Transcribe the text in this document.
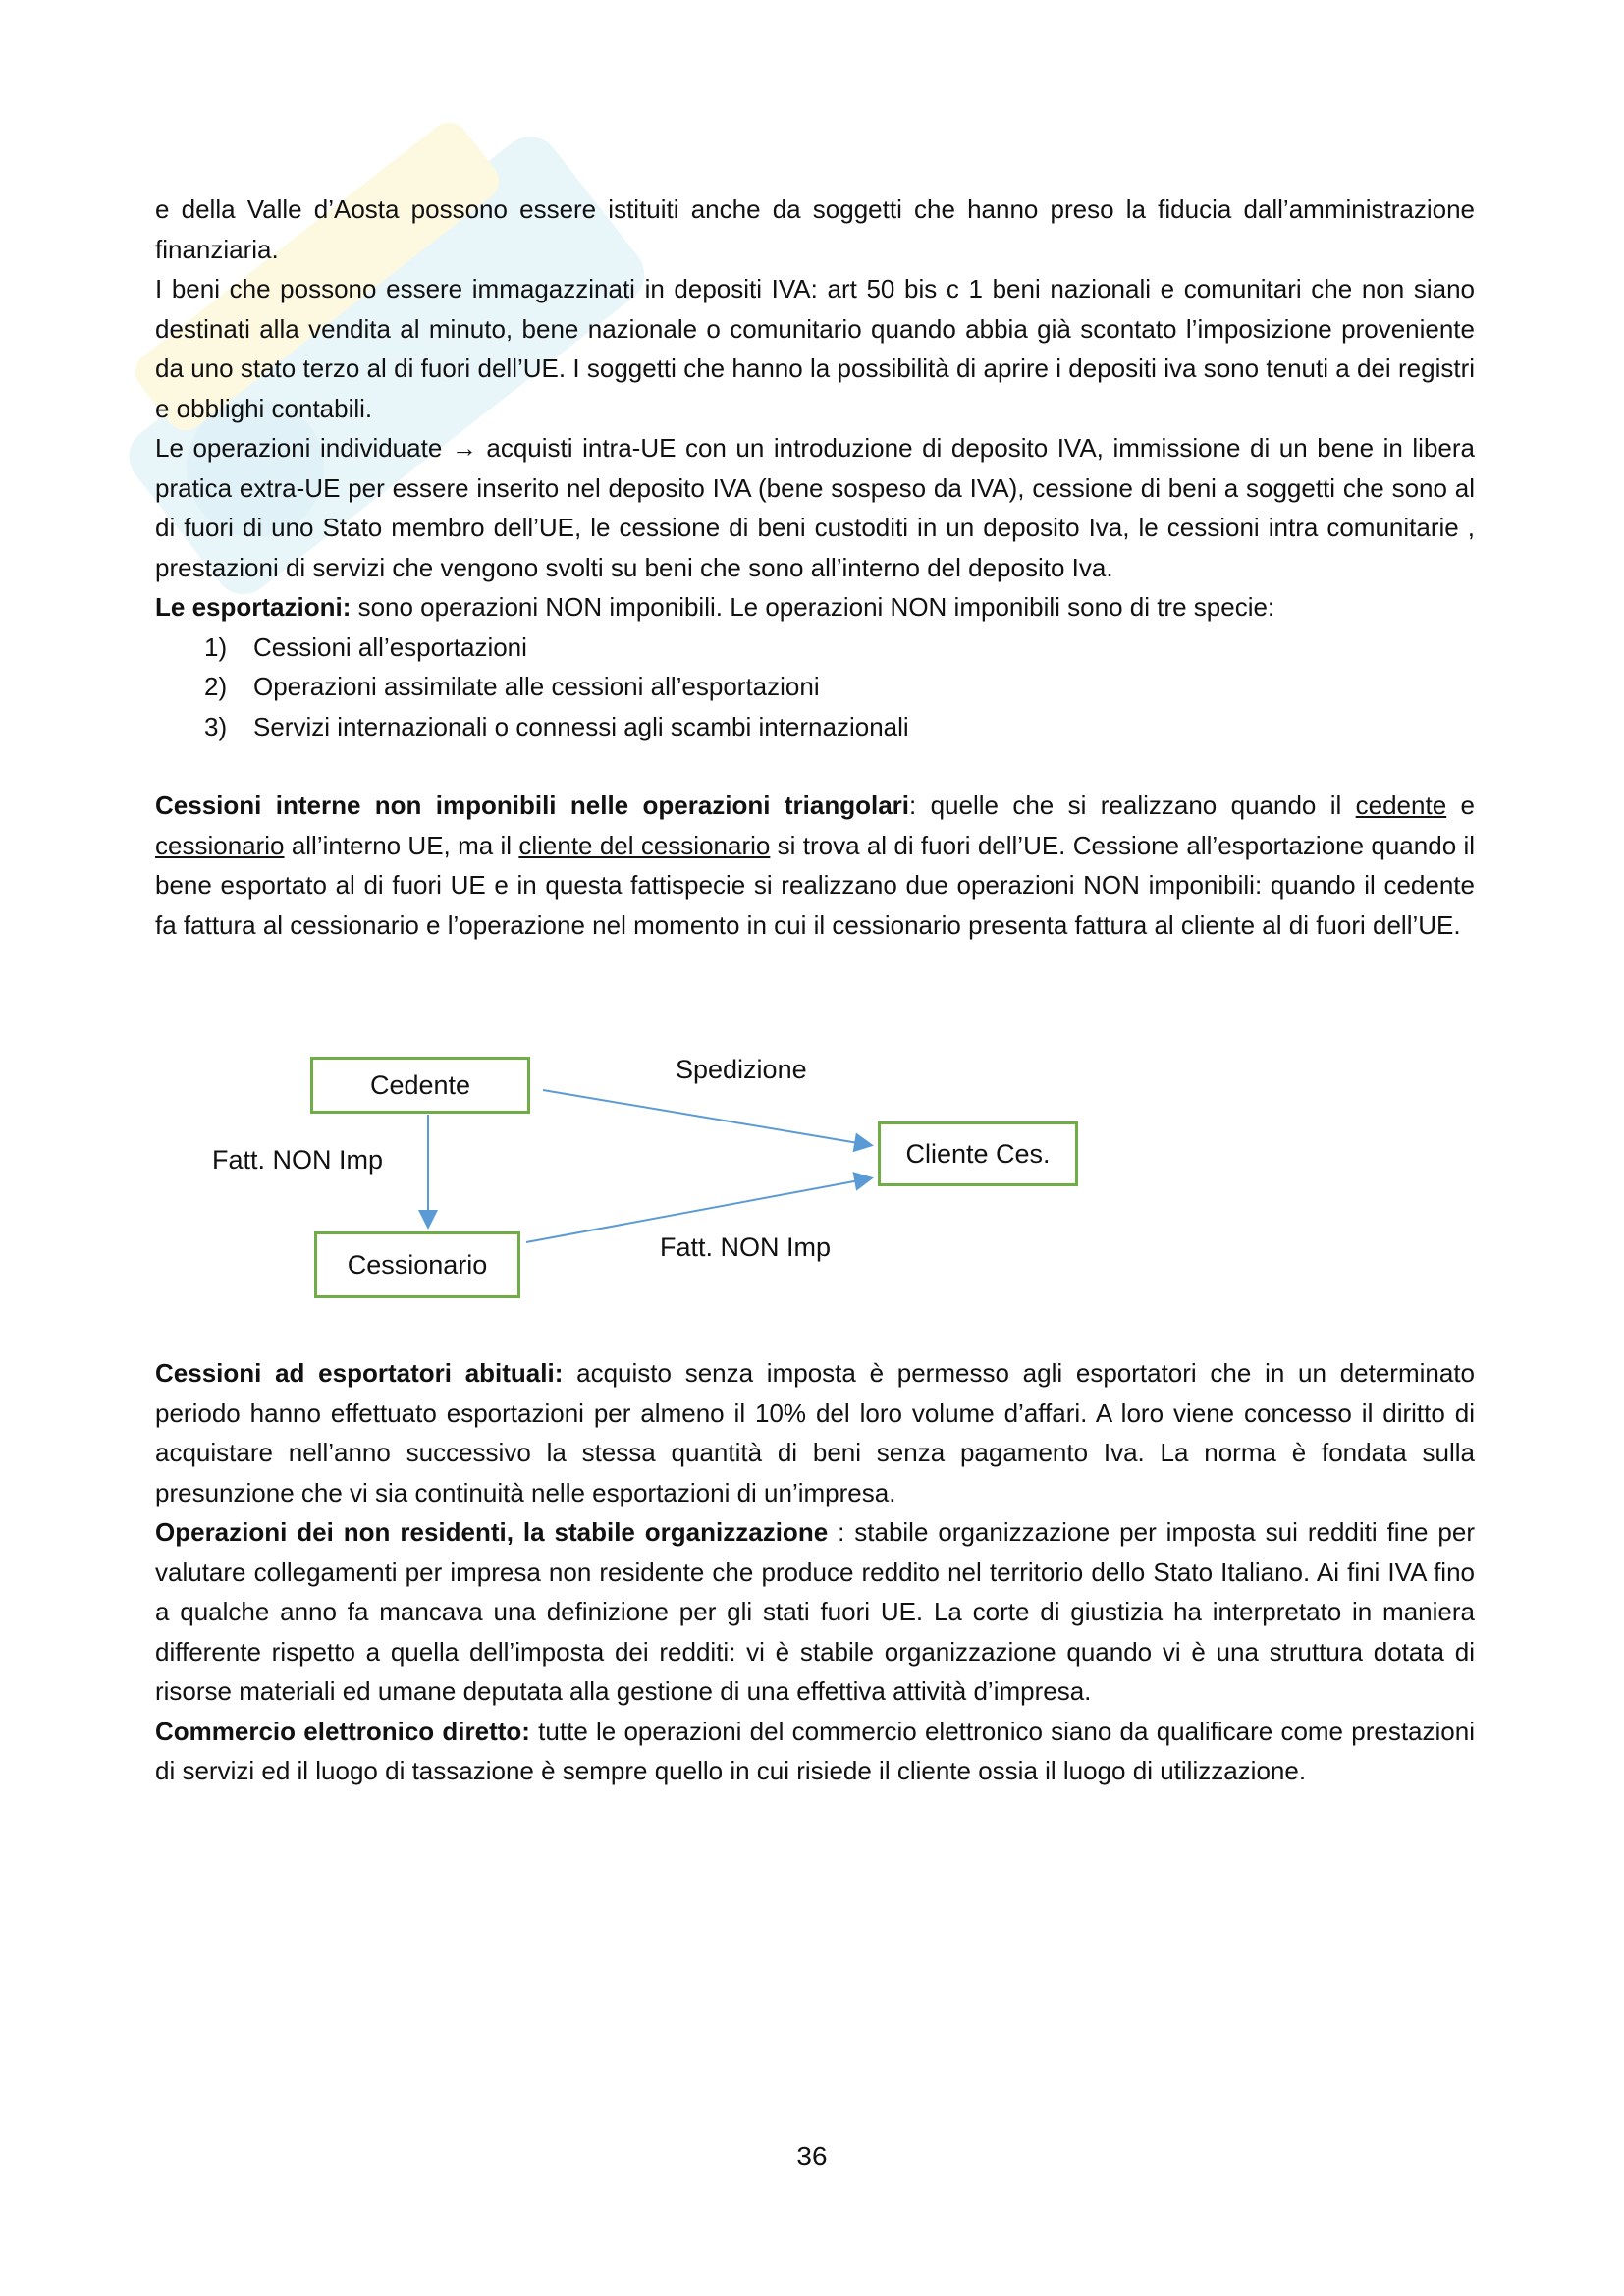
e della Valle d’Aosta possono essere istituiti anche da soggetti che hanno preso la fiducia dall’amministrazione finanziaria.

I beni che possono essere immagazzinati in depositi IVA: art 50 bis c 1 beni nazionali e comunitari che non siano destinati alla vendita al minuto, bene nazionale o comunitario quando abbia già scontato l’imposizione proveniente da uno stato terzo al di fuori dell’UE. I soggetti che hanno la possibilità di aprire i depositi iva sono tenuti a dei registri e obblighi contabili.

Le operazioni individuate → acquisti intra-UE con un introduzione di deposito IVA, immissione di un bene in libera pratica extra-UE per essere inserito nel deposito IVA (bene sospeso da IVA), cessione di beni a soggetti che sono al di fuori di uno Stato membro dell’UE, le cessione di beni custoditi in un deposito Iva, le cessioni intra comunitarie , prestazioni di servizi che vengono svolti su beni che sono all’interno del deposito Iva.

Le esportazioni: sono operazioni NON imponibili. Le operazioni NON imponibili sono di tre specie:

1) Cessioni all’esportazioni
2) Operazioni assimilate alle cessioni all’esportazioni
3) Servizi internazionali o connessi agli scambi internazionali

Cessioni interne non imponibili nelle operazioni triangolari: quelle che si realizzano quando il cedente e cessionario all’interno UE, ma il cliente del cessionario si trova al di fuori dell’UE. Cessione all’esportazione quando il bene esportato al di fuori UE e in questa fattispecie si realizzano due operazioni NON imponibili: quando il cedente fa fattura al cessionario e l’operazione nel momento in cui il cessionario presenta fattura al cliente al di fuori dell’UE.

Cedente
Cliente Ces.
Cessionario
Spedizione
Fatt. NON Imp
Fatt. NON Imp

Cessioni ad esportatori abituali: acquisto senza imposta è permesso agli esportatori che in un determinato periodo hanno effettuato esportazioni per almeno il 10% del loro volume d’affari. A loro viene concesso il diritto di acquistare nell’anno successivo la stessa quantità di beni senza pagamento Iva. La norma è fondata sulla presunzione che vi sia continuità nelle esportazioni di un’impresa.

Operazioni dei non residenti, la stabile organizzazione : stabile organizzazione per imposta sui redditi fine per valutare collegamenti per impresa non residente che produce reddito nel territorio dello Stato Italiano. Ai fini IVA fino a qualche anno fa mancava una definizione per gli stati fuori UE. La corte di giustizia ha interpretato in maniera differente rispetto a quella dell’imposta dei redditi: vi è stabile organizzazione quando vi è una struttura dotata di risorse materiali ed umane deputata alla gestione di una effettiva attività d’impresa.

Commercio elettronico diretto: tutte le operazioni del commercio elettronico siano da qualificare come prestazioni di servizi ed il luogo di tassazione è sempre quello in cui risiede il cliente ossia il luogo di utilizzazione.

36
